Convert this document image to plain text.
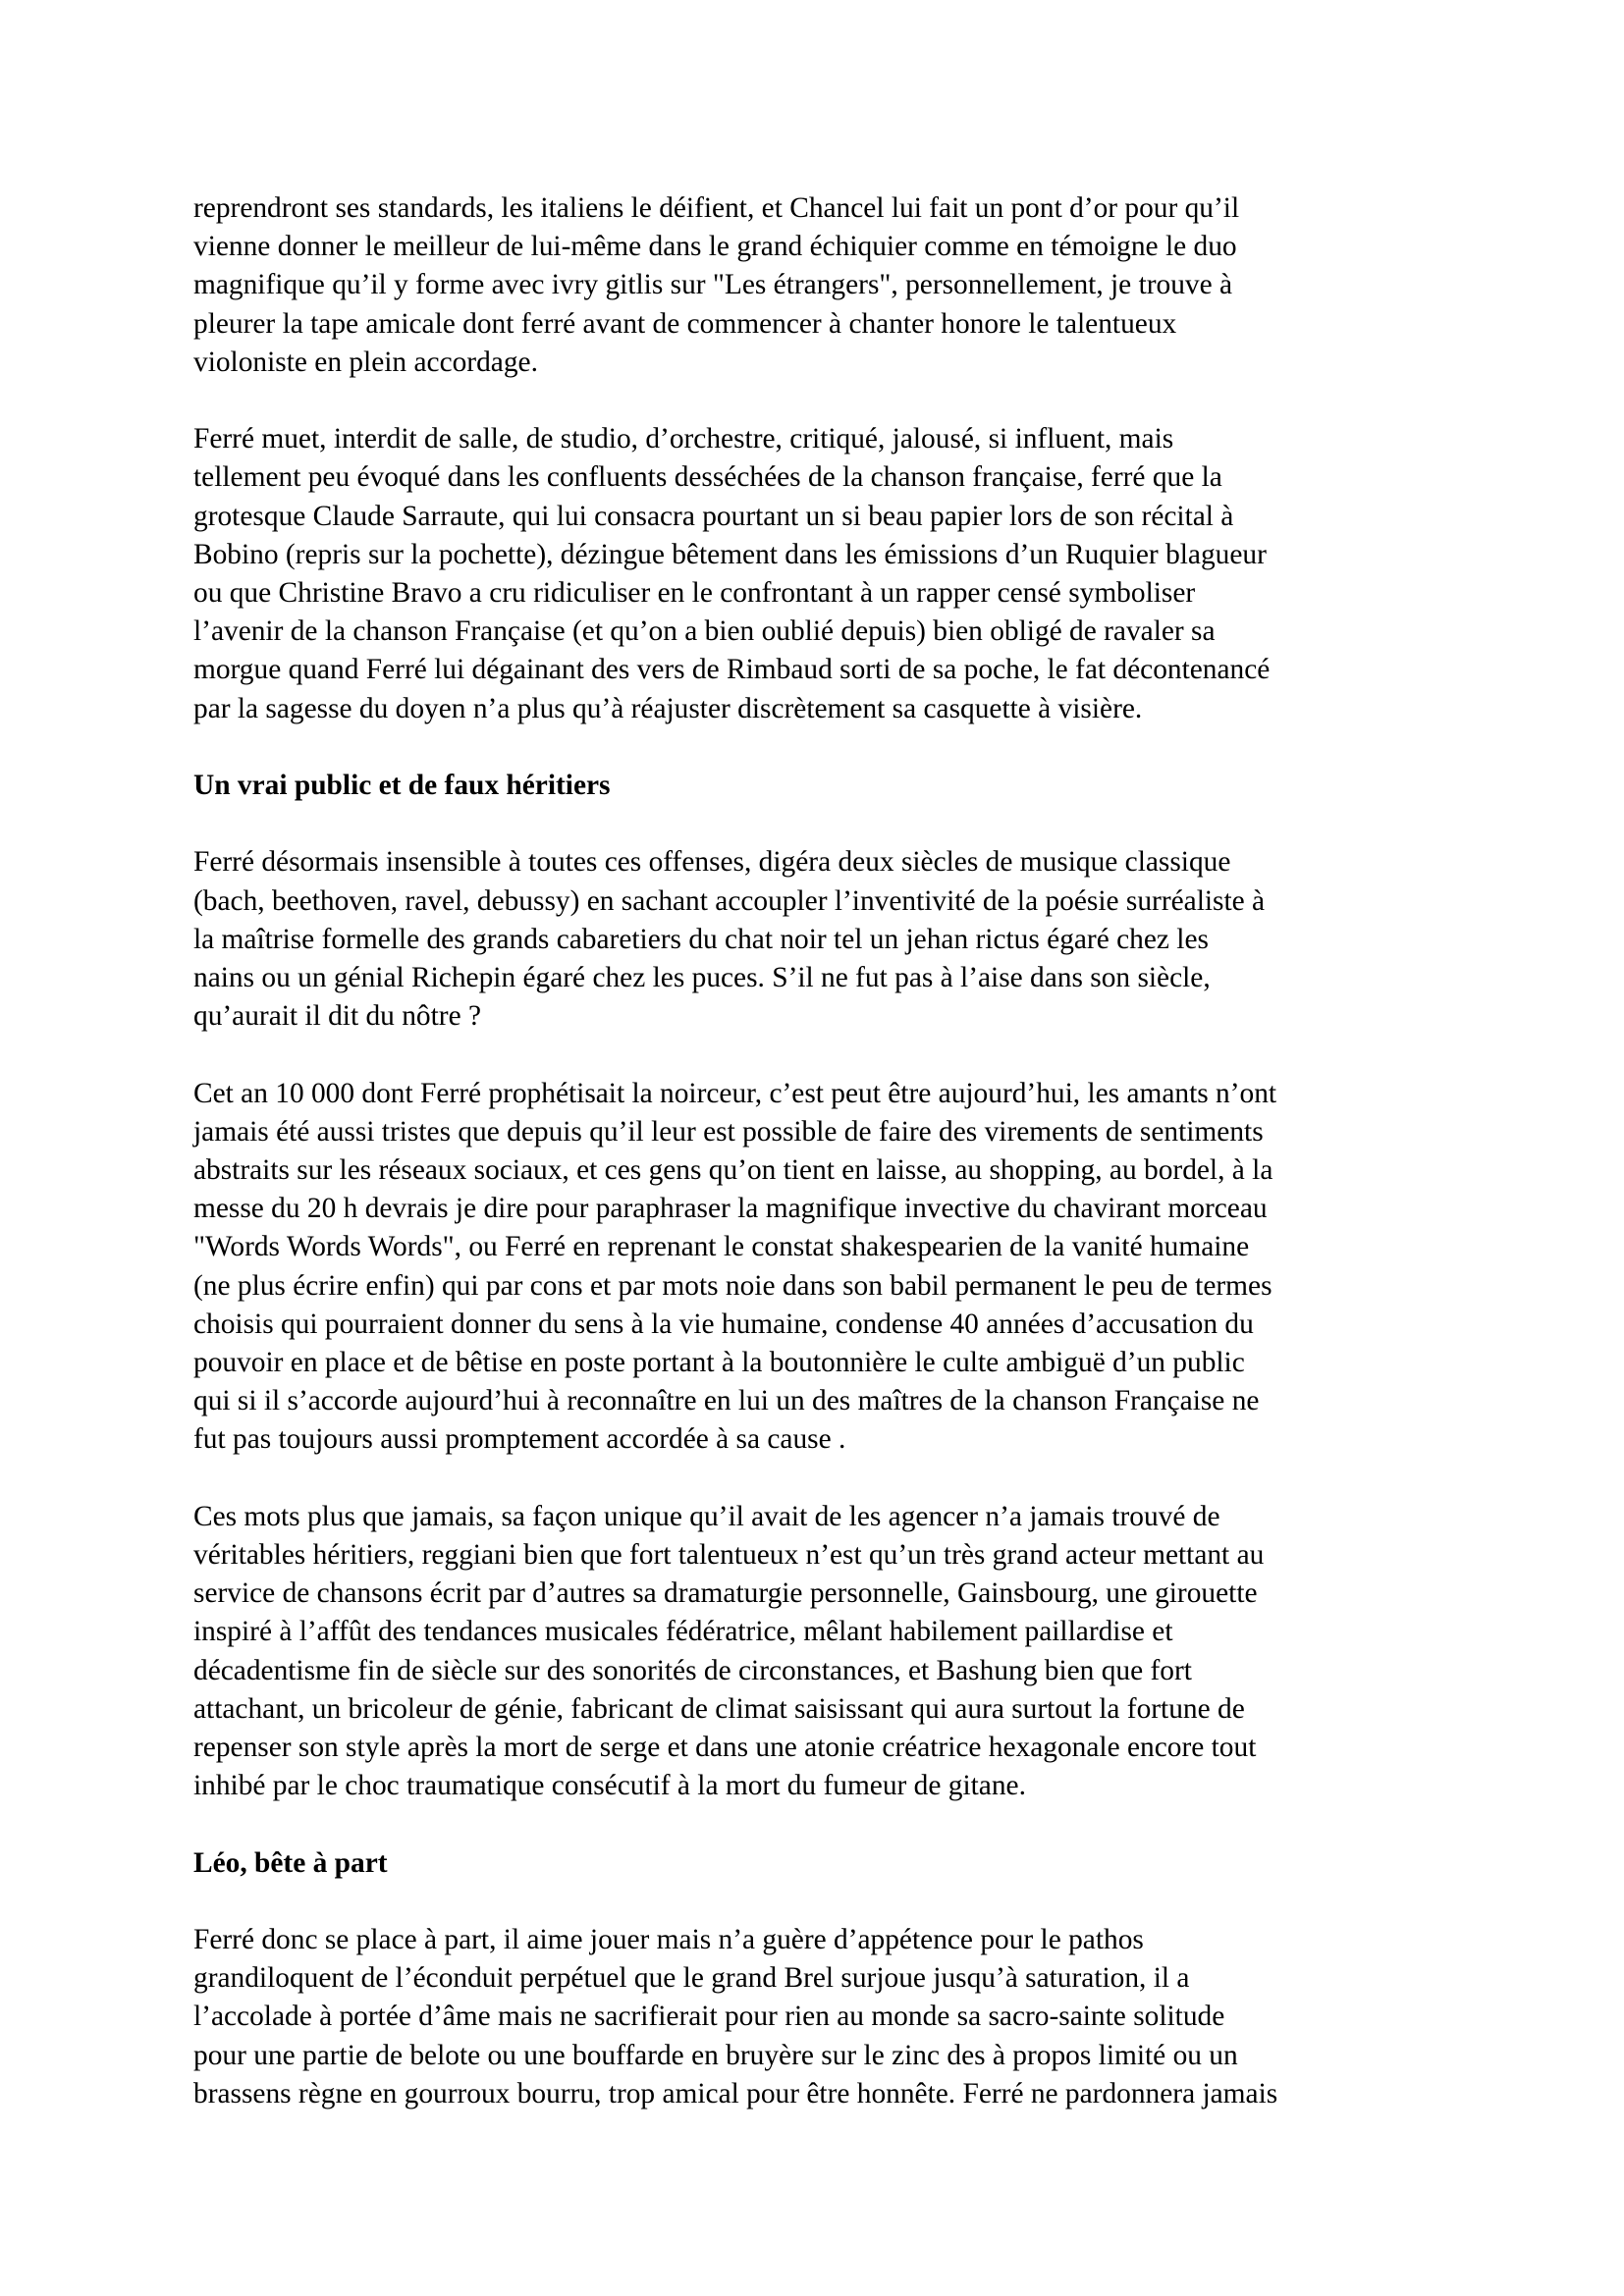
reprendront ses standards, les italiens le déifient, et Chancel lui fait un pont d’or pour qu’il
vienne donner le meilleur de lui-même dans le grand échiquier comme en témoigne le duo
magnifique qu’il y forme avec ivry gitlis sur "Les étrangers", personnellement, je trouve à
pleurer la tape amicale dont ferré avant de commencer à chanter honore le talentueux
violoniste en plein accordage.

Ferré muet, interdit de salle, de studio, d’orchestre, critiqué, jalousé, si influent, mais
tellement peu évoqué dans les confluents desséchées de la chanson française, ferré que la
grotesque Claude Sarraute, qui lui consacra pourtant un si beau papier lors de son récital à
Bobino (repris sur la pochette), dézingue bêtement dans les émissions d’un Ruquier blagueur
ou que Christine Bravo a cru ridiculiser en le confrontant à un rapper censé symboliser
l’avenir de la chanson Française (et qu’on a bien oublié depuis) bien obligé de ravaler sa
morgue quand Ferré lui dégainant des vers de Rimbaud sorti de sa poche, le fat décontenancé
par la sagesse du doyen n’a plus qu’à réajuster discrètement sa casquette à visière.

Un vrai public et de faux héritiers

Ferré désormais insensible à toutes ces offenses, digéra deux siècles de musique classique
(bach, beethoven, ravel, debussy) en sachant accoupler l’inventivité de la poésie surréaliste à
la maîtrise formelle des grands cabaretiers du chat noir tel un jehan rictus égaré chez les
nains ou un génial Richepin égaré chez les puces. S’il ne fut pas à l’aise dans son siècle,
qu’aurait il dit du nôtre ?

Cet an 10 000 dont Ferré prophétisait la noirceur, c’est peut être aujourd’hui, les amants n’ont
jamais été aussi tristes que depuis qu’il leur est possible de faire des virements de sentiments
abstraits sur les réseaux sociaux, et ces gens qu’on tient en laisse, au shopping, au bordel, à la
messe du 20 h devrais je dire pour paraphraser la magnifique invective du chavirant morceau
"Words Words Words", ou Ferré en reprenant le constat shakespearien de la vanité humaine
(ne plus écrire enfin) qui par cons et par mots noie dans son babil permanent le peu de termes
choisis qui pourraient donner du sens à la vie humaine, condense 40 années d’accusation du
pouvoir en place et de bêtise en poste portant à la boutonnière le culte ambiguë d’un public
qui si il s’accorde aujourd’hui à reconnaître en lui un des maîtres de la chanson Française ne
fut pas toujours aussi promptement accordée à sa cause .

Ces mots plus que jamais, sa façon unique qu’il avait de les agencer n’a jamais trouvé de
véritables héritiers, reggiani bien que fort talentueux n’est qu’un très grand acteur mettant au
service de chansons écrit par d’autres sa dramaturgie personnelle, Gainsbourg, une girouette
inspiré à l’affût des tendances musicales fédératrice, mêlant habilement paillardise et
décadentisme fin de siècle sur des sonorités de circonstances, et Bashung bien que fort
attachant, un bricoleur de génie, fabricant de climat saisissant qui aura surtout la fortune de
repenser son style après la mort de serge et dans une atonie créatrice hexagonale encore tout
inhibé par le choc traumatique consécutif à la mort du fumeur de gitane.

Léo, bête à part

Ferré donc se place à part, il aime jouer mais n’a guère d’appétence pour le pathos
grandiloquent de l’éconduit perpétuel que le grand Brel surjoue jusqu’à saturation, il a
l’accolade à portée d’âme mais ne sacrifierait pour rien au monde sa sacro-sainte solitude
pour une partie de belote ou une bouffarde en bruyère sur le zinc des à propos limité ou un
brassens règne en gourroux bourru, trop amical pour être honnête. Ferré ne pardonnera jamais
